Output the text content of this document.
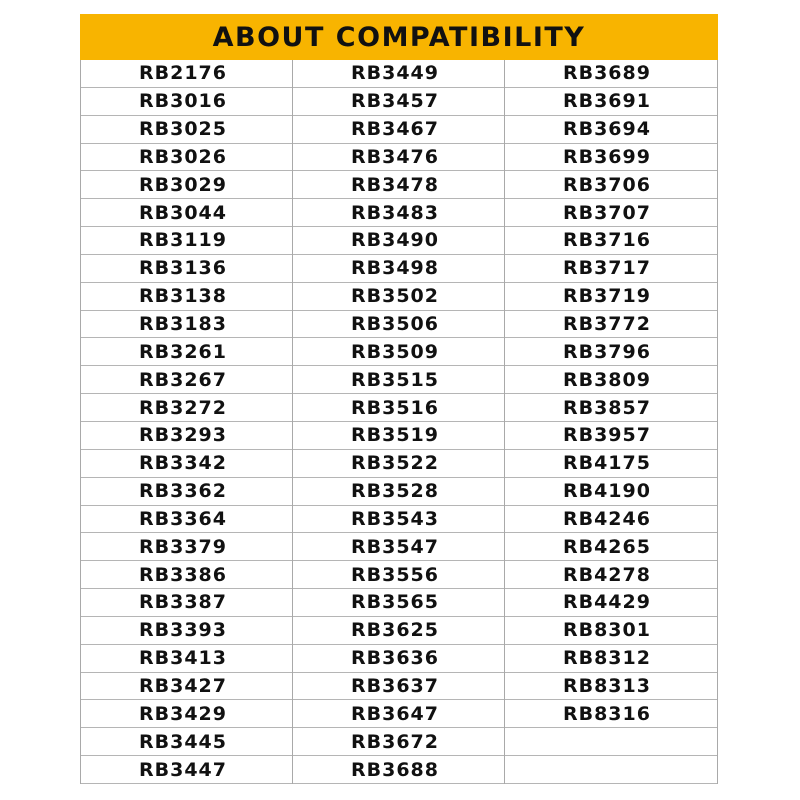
ABOUT COMPATIBILITY
RB2176
RB3016
RB3025
RB3026
RB3029
RB3044
RB3119
RB3136
RB3138
RB3183
RB3261
RB3267
RB3272
RB3293
RB3342
RB3362
RB3364
RB3379
RB3386
RB3387
RB3393
RB3413
RB3427
RB3429
RB3445
RB3447
RB3449
RB3457
RB3467
RB3476
RB3478
RB3483
RB3490
RB3498
RB3502
RB3506
RB3509
RB3515
RB3516
RB3519
RB3522
RB3528
RB3543
RB3547
RB3556
RB3565
RB3625
RB3636
RB3637
RB3647
RB3672
RB3688
RB3689
RB3691
RB3694
RB3699
RB3706
RB3707
RB3716
RB3717
RB3719
RB3772
RB3796
RB3809
RB3857
RB3957
RB4175
RB4190
RB4246
RB4265
RB4278
RB4429
RB8301
RB8312
RB8313
RB8316
